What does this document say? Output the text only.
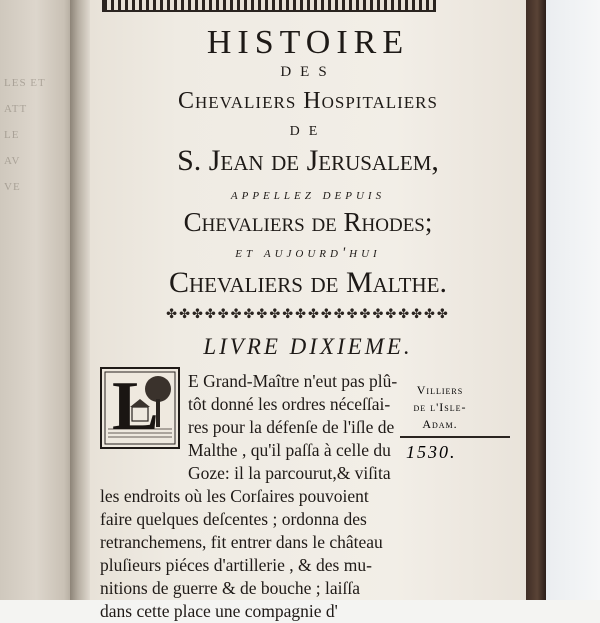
LES ET
ATT
LE
AV
VE
HISTOIRE
DES
Chevaliers Hospitaliers
DE
S. Jean de Jerusalem,
appellez depuis
Chevaliers de Rhodes;
et aujourd'hui
Chevaliers de Malthe.
✤✤✤✤✤✤✤✤✤✤✤✤✤✤✤✤✤✤✤✤✤✤
LIVRE DIXIEME.
L E Grand-Maître n'eut pas plû-
tôt donné les ordres néceſſai-
res pour la défenſe de l'iſle de
Malthe , qu'il paſſa à celle du
Goze: il la parcourut,& viſita
les endroits où les Corſaires pouvoient
faire quelques deſcentes ; ordonna des
retranchemens, fit entrer dans le château
pluſieurs piéces d'artillerie , & des mu-
nitions de guerre & de bouche ; laiſſa
dans cette place une compagnie d'
Villiers
de l'Isle-
Adam.
1530.
